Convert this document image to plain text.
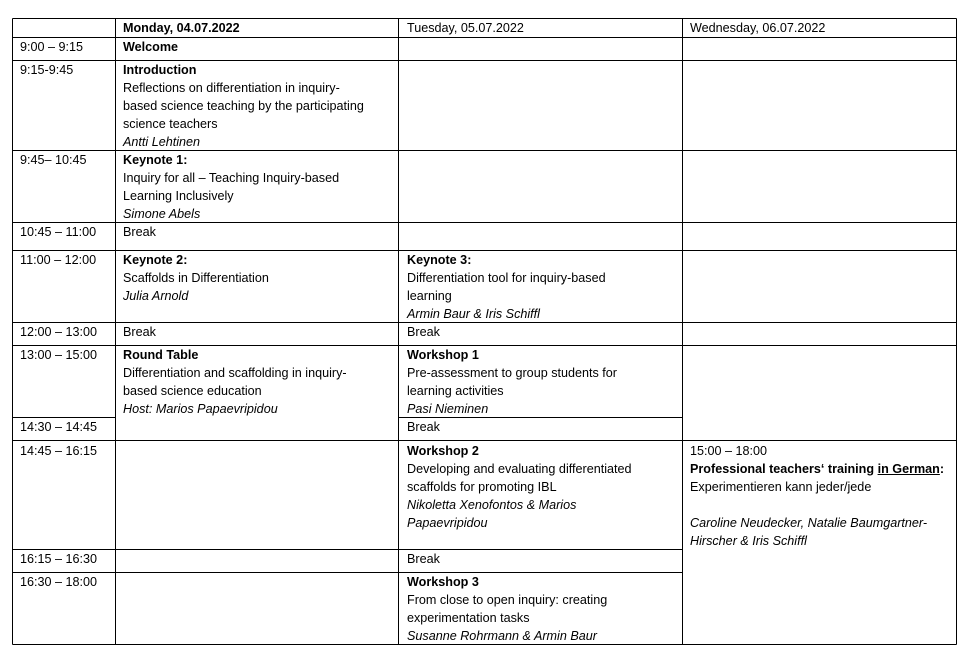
Monday, 04.07.2022	Tuesday, 05.07.2022	Wednesday, 06.07.2022
9:00 – 9:15
9:15-9:45
9:45– 10:45
10:45 – 11:00
11:00 – 12:00
12:00 – 13:00
13:00 – 15:00
14:30 – 14:45
14:45 – 16:15
16:15 – 16:30
16:30 – 18:00
Welcome
Introduction
Reflections on differentiation in inquiry-
based science teaching by the participating
science teachers
Antti Lehtinen
Keynote 1:
Inquiry for all – Teaching Inquiry-based
Learning Inclusively
Simone Abels
Break
Keynote 2:
Scaffolds in Differentiation
Julia Arnold
Break
Round Table
Differentiation and scaffolding in inquiry-
based science education
Host: Marios Papaevripidou
Keynote 3:
Differentiation tool for inquiry-based
learning
Armin Baur & Iris Schiffl
Break
Workshop 1
Pre-assessment to group students for
learning activities
Pasi Nieminen
Break
Workshop 2
Developing and evaluating differentiated
scaffolds for promoting IBL
Nikoletta Xenofontos & Marios
Papaevripidou
Break
Workshop 3
From close to open inquiry: creating
experimentation tasks
Susanne Rohrmann & Armin Baur
15:00 – 18:00
Professional teachers‘ training in German:
Experimentieren kann jeder/jede
Caroline Neudecker, Natalie Baumgartner-
Hirscher & Iris Schiffl
